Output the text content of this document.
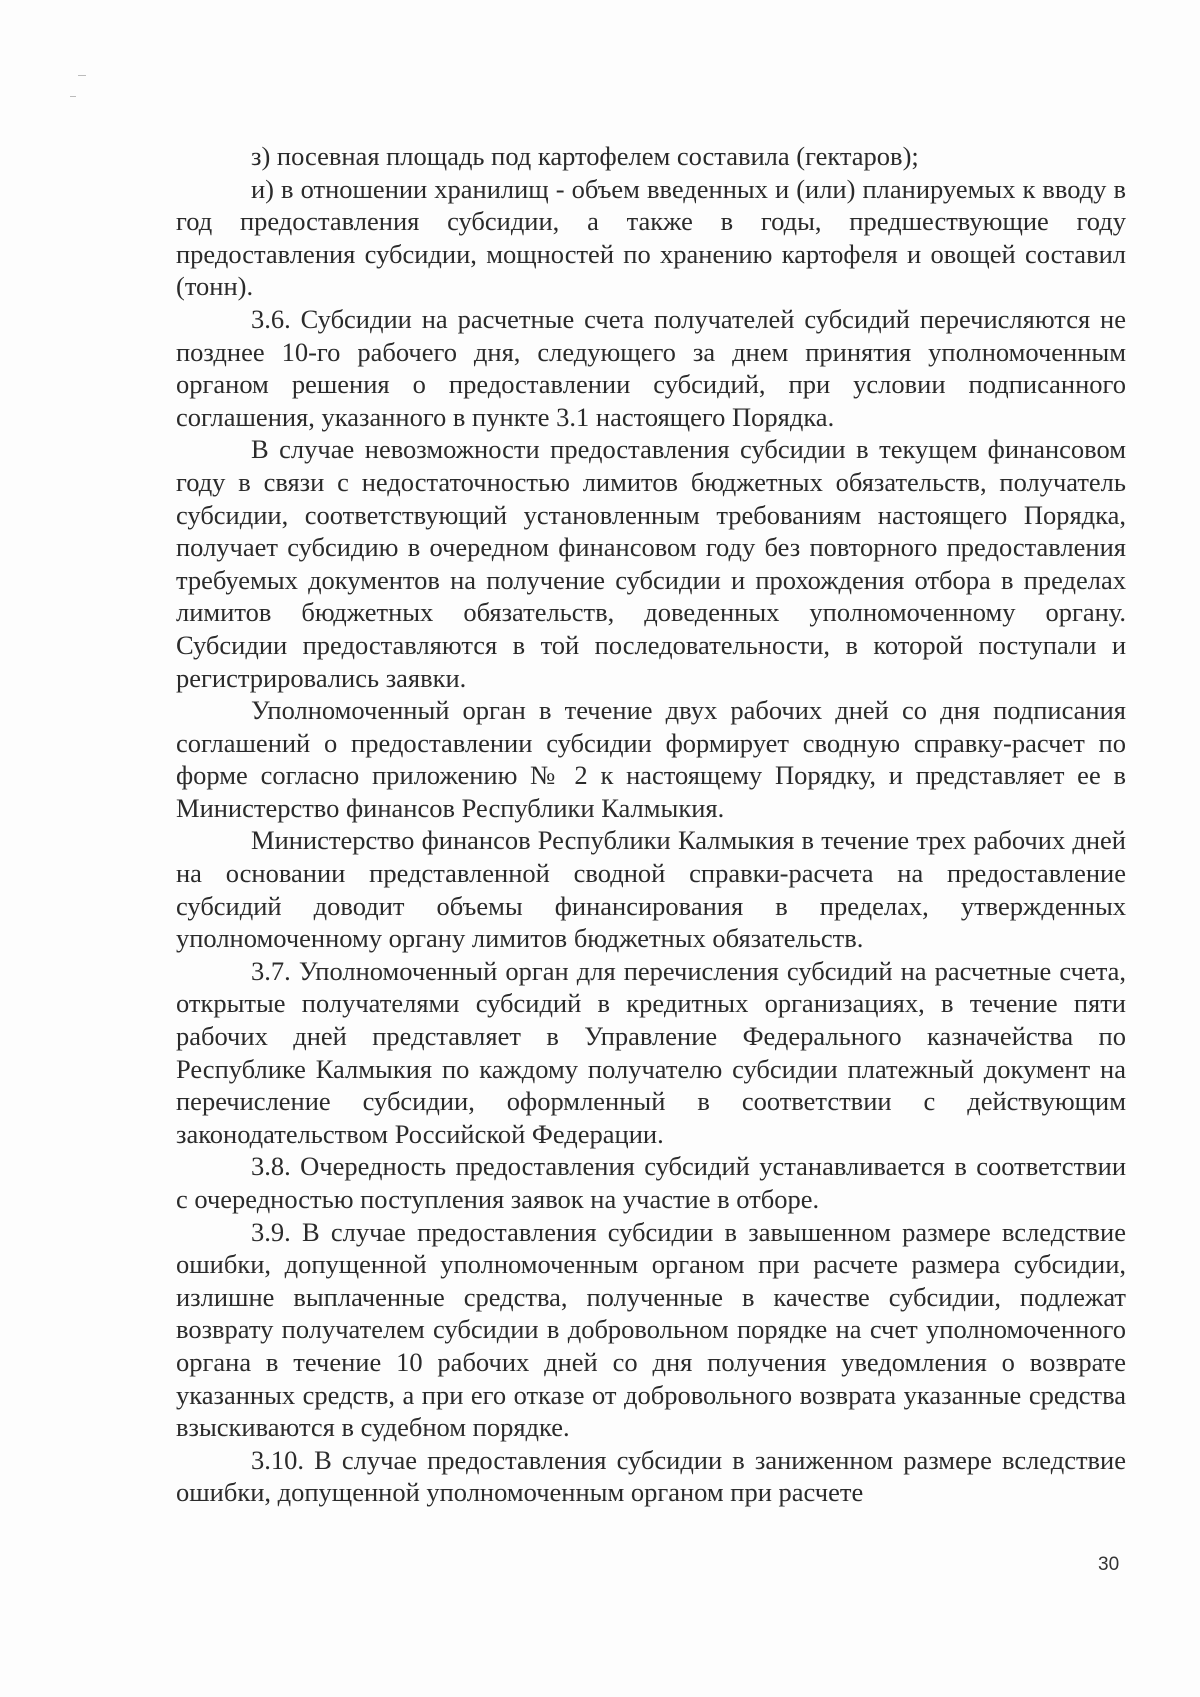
з) посевная площадь под картофелем составила (гектаров);

и) в отношении хранилищ - объем введенных и (или) планируемых к вводу в год предоставления субсидии, а также в годы, предшествующие году предоставления субсидии, мощностей по хранению картофеля и овощей составил (тонн).

3.6. Субсидии на расчетные счета получателей субсидий перечисляются не позднее 10-го рабочего дня, следующего за днем принятия уполномоченным органом решения о предоставлении субсидий, при условии подписанного соглашения, указанного в пункте 3.1 настоящего Порядка.

В случае невозможности предоставления субсидии в текущем финансовом году в связи с недостаточностью лимитов бюджетных обязательств, получатель субсидии, соответствующий установленным требованиям настоящего Порядка, получает субсидию в очередном финансовом году без повторного предоставления требуемых документов на получение субсидии и прохождения отбора в пределах лимитов бюджетных обязательств, доведенных уполномоченному органу. Субсидии предоставляются в той последовательности, в которой поступали и регистрировались заявки.

Уполномоченный орган в течение двух рабочих дней со дня подписания соглашений о предоставлении субсидии формирует сводную справку-расчет по форме согласно приложению № 2 к настоящему Порядку, и представляет ее в Министерство финансов Республики Калмыкия.

Министерство финансов Республики Калмыкия в течение трех рабочих дней на основании представленной сводной справки-расчета на предоставление субсидий доводит объемы финансирования в пределах, утвержденных уполномоченному органу лимитов бюджетных обязательств.

3.7. Уполномоченный орган для перечисления субсидий на расчетные счета, открытые получателями субсидий в кредитных организациях, в течение пяти рабочих дней представляет в Управление Федерального казначейства по Республике Калмыкия по каждому получателю субсидии платежный документ на перечисление субсидии, оформленный в соответствии с действующим законодательством Российской Федерации.

3.8. Очередность предоставления субсидий устанавливается в соответствии с очередностью поступления заявок на участие в отборе.

3.9. В случае предоставления субсидии в завышенном размере вследствие ошибки, допущенной уполномоченным органом при расчете размера субсидии, излишне выплаченные средства, полученные в качестве субсидии, подлежат возврату получателем субсидии в добровольном порядке на счет уполномоченного органа в течение 10 рабочих дней со дня получения уведомления о возврате указанных средств, а при его отказе от добровольного возврата указанные средства взыскиваются в судебном порядке.

3.10. В случае предоставления субсидии в заниженном размере вследствие ошибки, допущенной уполномоченным органом при расчете

30
